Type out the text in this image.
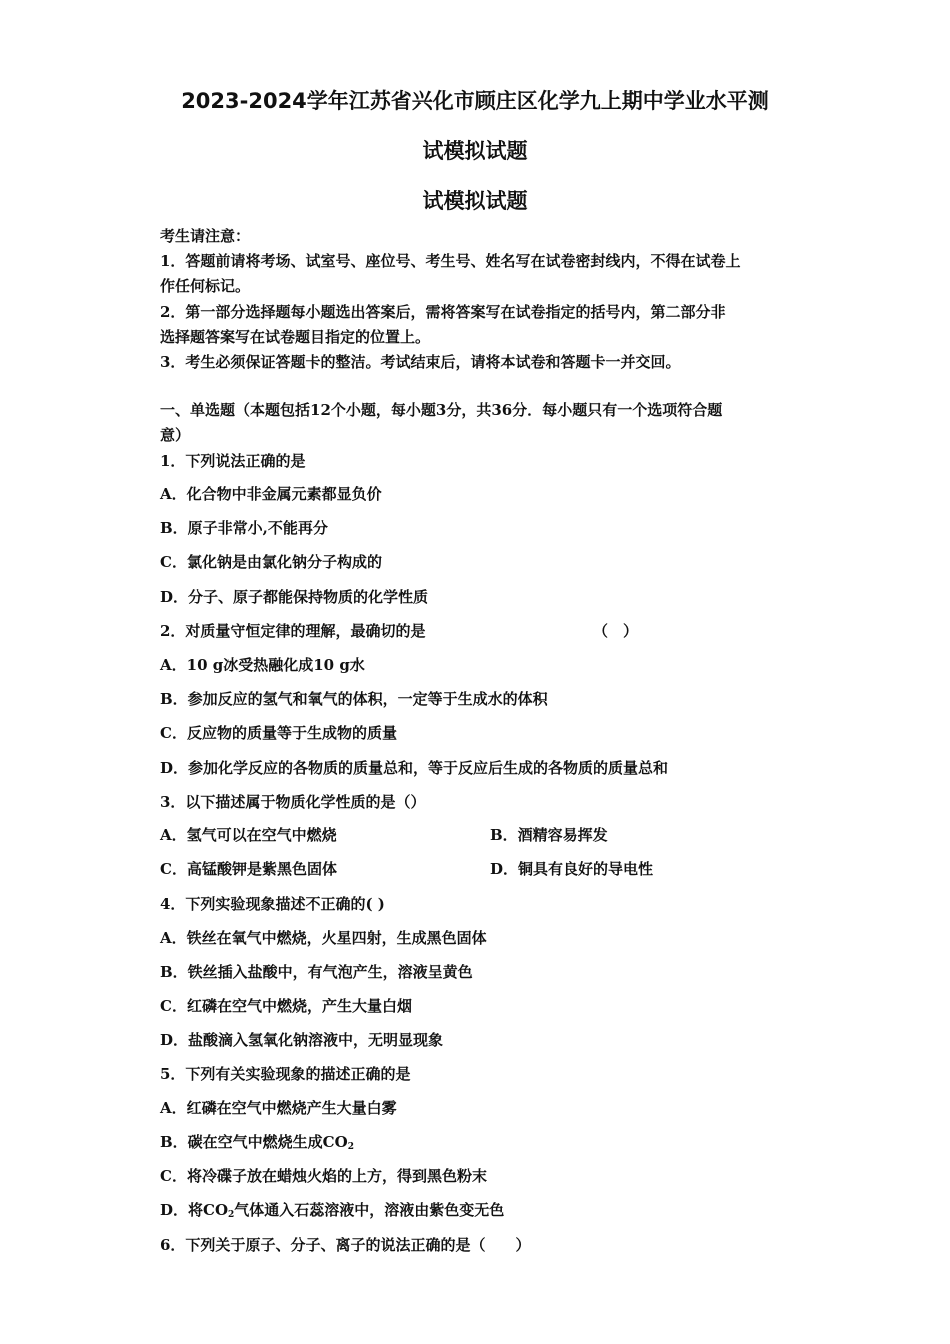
2023-2024学年江苏省兴化市顾庄区化学九上期中学业水平测
试模拟试题
试模拟试题
考生请注意：
1．答题前请将考场、试室号、座位号、考生号、姓名写在试卷密封线内，不得在试卷上
作任何标记。
2．第一部分选择题每小题选出答案后，需将答案写在试卷指定的括号内，第二部分非
选择题答案写在试卷题目指定的位置上。
3．考生必须保证答题卡的整洁。考试结束后，请将本试卷和答题卡一并交回。
一、单选题（本题包括12个小题，每小题3分，共36分．每小题只有一个选项符合题
意）
1．下列说法正确的是
A．化合物中非金属元素都显负价
B．原子非常小,不能再分
C．氯化钠是由氯化钠分子构成的
D．分子、原子都能保持物质的化学性质
2．对质量守恒定律的理解，最确切的是	（　）
A．10 g冰受热融化成10 g水
B．参加反应的氢气和氧气的体积，一定等于生成水的体积
C．反应物的质量等于生成物的质量
D．参加化学反应的各物质的质量总和，等于反应后生成的各物质的质量总和
3．以下描述属于物质化学性质的是（）
A．氢气可以在空气中燃烧	B．酒精容易挥发
C．高锰酸钾是紫黑色固体	D．铜具有良好的导电性
4．下列实验现象描述不正确的( )
A．铁丝在氧气中燃烧，火星四射，生成黑色固体
B．铁丝插入盐酸中，有气泡产生，溶液呈黄色
C．红磷在空气中燃烧，产生大量白烟
D．盐酸滴入氢氧化钠溶液中，无明显现象
5．下列有关实验现象的描述正确的是
A．红磷在空气中燃烧产生大量白雾
B．碳在空气中燃烧生成$CO_2$
C．将冷碟子放在蜡烛火焰的上方，得到黑色粉末
D．将$CO_2$气体通入石蕊溶液中，溶液由紫色变无色
6．下列关于原子、分子、离子的说法正确的是（　　）
